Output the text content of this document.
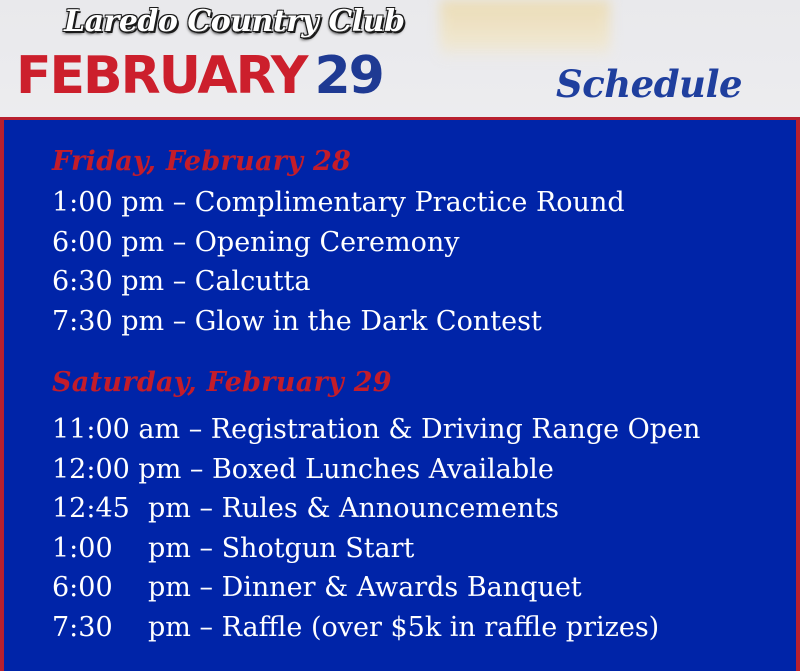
Laredo Country Club
FEBRUARY 29	Schedule
Friday, February 28
1:00 pm – Complimentary Practice Round
6:00 pm – Opening Ceremony
6:30 pm – Calcutta
7:30 pm – Glow in the Dark Contest
Saturday, February 29
11:00 am – Registration & Driving Range Open
12:00 pm – Boxed Lunches Available
12:45 pm – Rules & Announcements
1:00 pm – Shotgun Start
6:00 pm – Dinner & Awards Banquet
7:30 pm – Raffle (over $5k in raffle prizes)
